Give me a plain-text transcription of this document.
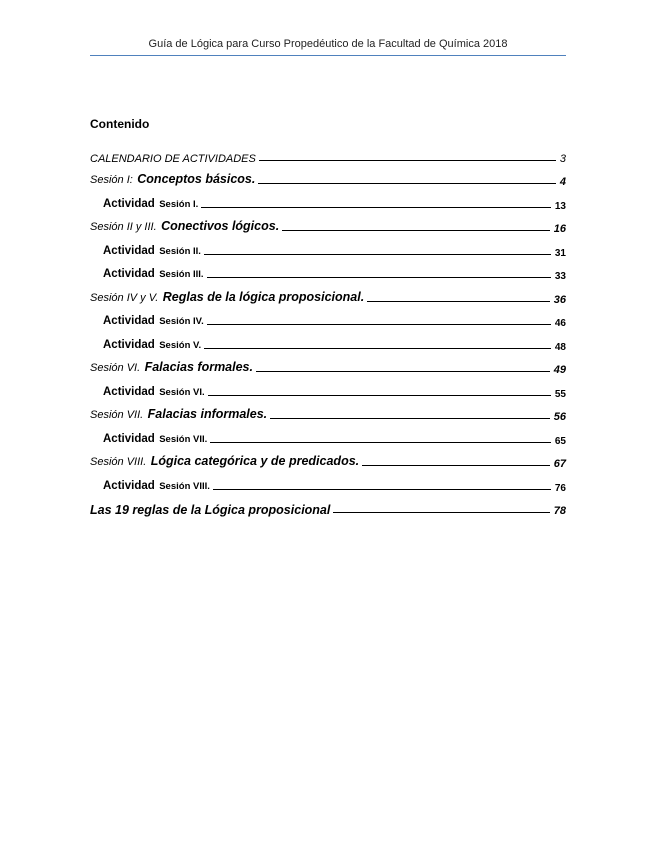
Guía de Lógica para Curso Propedéutico de la Facultad de Química 2018
Contenido
CALENDARIO DE ACTIVIDADES	3
Sesión I: Conceptos básicos.	4
Actividad Sesión I.	13
Sesión II y III. Conectivos lógicos.	16
Actividad Sesión II.	31
Actividad Sesión III.	33
Sesión IV y V. Reglas de la lógica proposicional.	36
Actividad Sesión IV.	46
Actividad Sesión V.	48
Sesión VI. Falacias formales.	49
Actividad Sesión VI.	55
Sesión VII. Falacias informales.	56
Actividad Sesión VII.	65
Sesión VIII. Lógica categórica y de predicados.	67
Actividad Sesión VIII.	76
Las 19 reglas de la Lógica proposicional	78
